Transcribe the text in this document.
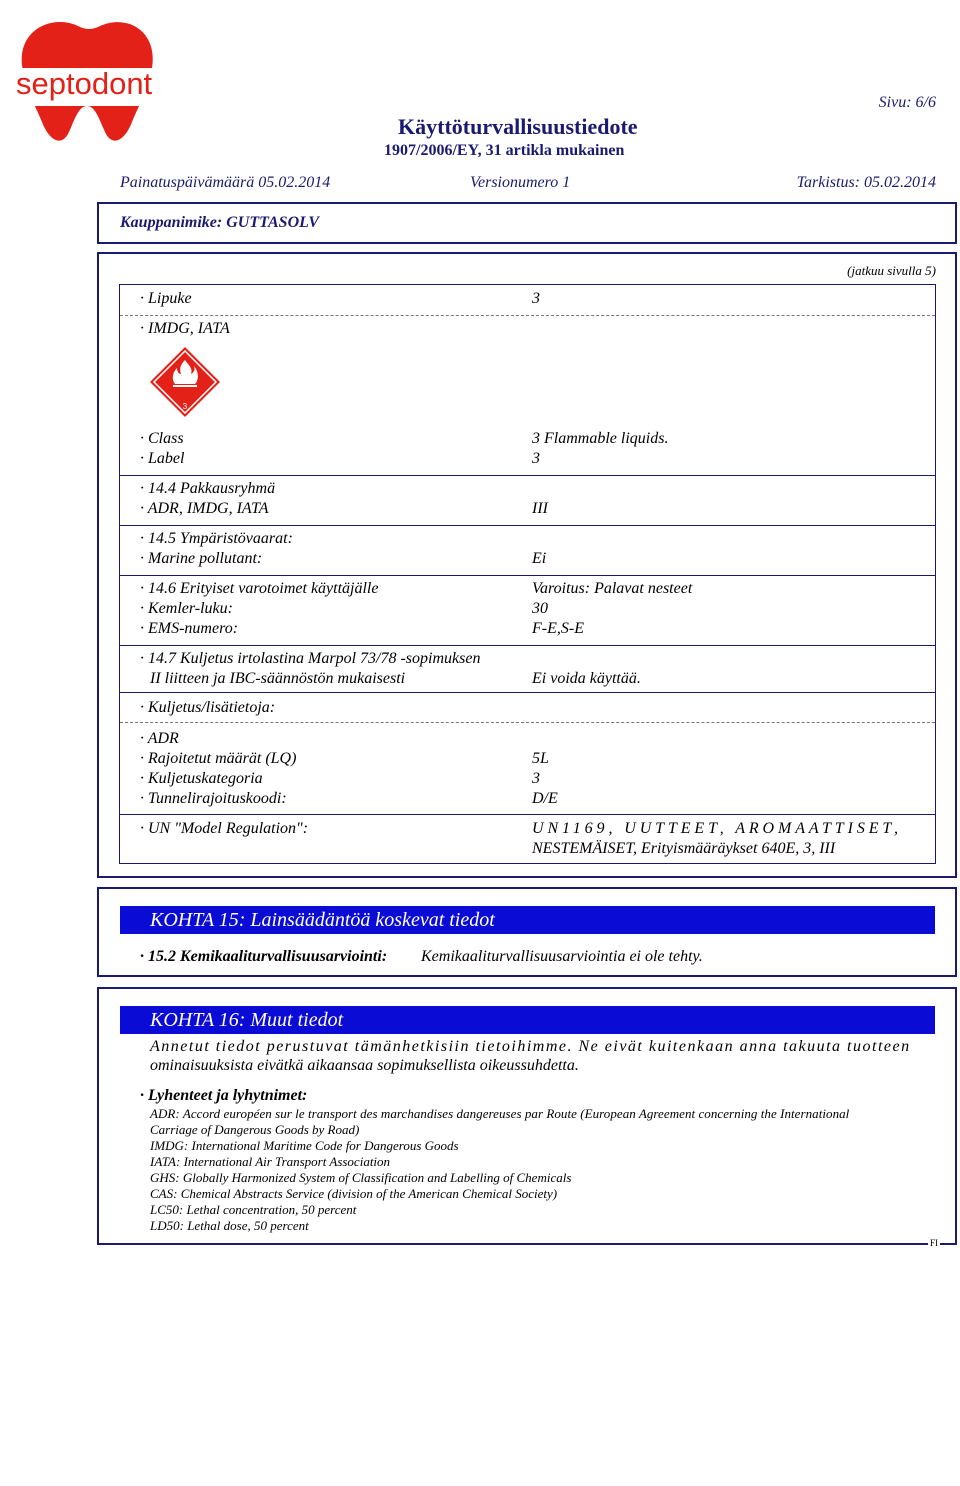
septodont
Sivu: 6/6
Käyttöturvallisuustiedote
1907/2006/EY, 31 artikla mukainen
Painatuspäivämäärä 05.02.2014	Versionumero 1	Tarkistus: 05.02.2014
Kauppanimike: GUTTASOLV
(jatkuu sivulla 5)
3
· Lipuke	3
· IMDG, IATA
· Class	3 Flammable liquids.
· Label	3
· 14.4 Pakkausryhmä
· ADR, IMDG, IATA	III
· 14.5 Ympäristövaarat:
· Marine pollutant:	Ei
· 14.6 Erityiset varotoimet käyttäjälle	Varoitus: Palavat nesteet
· Kemler-luku:	30
· EMS-numero:	F-E,S-E
· 14.7 Kuljetus irtolastina Marpol 73/78 -sopimuksen
II liitteen ja IBC-säännöstön mukaisesti	Ei voida käyttää.
· Kuljetus/lisätietoja:
· ADR
· Rajoitetut määrät (LQ)	5L
· Kuljetuskategoria	3
· Tunnelirajoituskoodi:	D/E
· UN "Model Regulation":	UN1169, UUTTEET, AROMAATTISET,
NESTEMÄISET, Erityismääräykset 640E, 3, III
KOHTA 15: Lainsäädäntöä koskevat tiedot
· 15.2 Kemikaaliturvallisuusarviointi: Kemikaaliturvallisuusarviointia ei ole tehty.
KOHTA 16: Muut tiedot
Annetut tiedot perustuvat tämänhetkisiin tietoihimme. Ne eivät kuitenkaan anna takuuta tuotteen
ominaisuuksista eivätkä aikaansaa sopimuksellista oikeussuhdetta.
· Lyhenteet ja lyhytnimet:
ADR: Accord européen sur le transport des marchandises dangereuses par Route (European Agreement concerning the International
Carriage of Dangerous Goods by Road)
IMDG: International Maritime Code for Dangerous Goods
IATA: International Air Transport Association
GHS: Globally Harmonized System of Classification and Labelling of Chemicals
CAS: Chemical Abstracts Service (division of the American Chemical Society)
LC50: Lethal concentration, 50 percent
LD50: Lethal dose, 50 percent
FI
